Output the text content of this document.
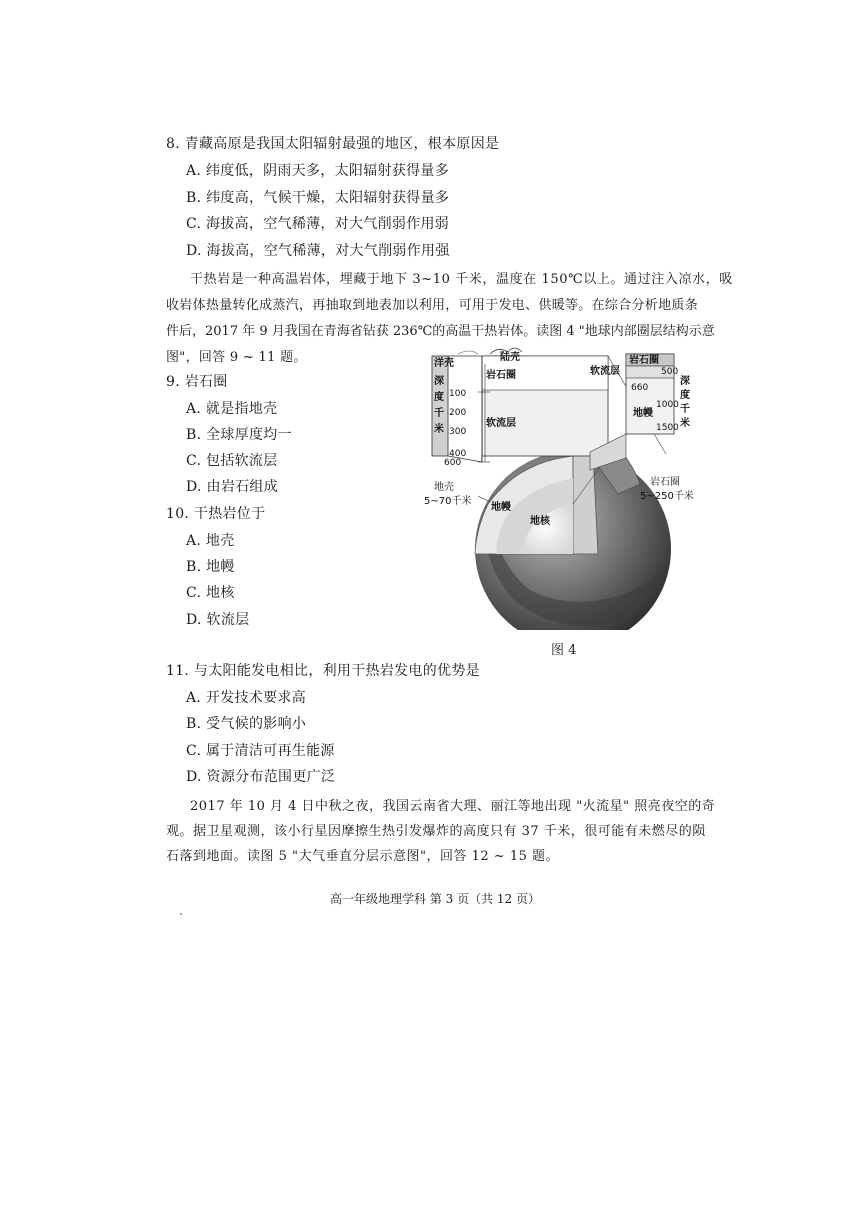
8. 青藏高原是我国太阳辐射最强的地区，根本原因是
A. 纬度低，阴雨天多，太阳辐射获得量多
B. 纬度高，气候干燥，太阳辐射获得量多
C. 海拔高，空气稀薄，对大气削弱作用弱
D. 海拔高，空气稀薄，对大气削弱作用强
干热岩是一种高温岩体，埋藏于地下 3~10 千米，温度在 150℃以上。通过注入凉水，吸
收岩体热量转化成蒸汽，再抽取到地表加以利用，可用于发电、供暖等。在综合分析地质条
件后，2017 年 9 月我国在青海省钻获 236℃的高温干热岩体。读图 4 "地球内部圈层结构示意
图"，回答 9 ~ 11 题。
9. 岩石圈
A. 就是指地壳
B. 全球厚度均一
C. 包括软流层
D. 由岩石组成
10. 干热岩位于
A. 地壳
B. 地幔
C. 地核
D. 软流层
洋壳
陆壳
岩石圈
软流层
深
度
千
米
100
200
300
400
600
岩石圈
软流层
地幔
500
660
1000
1500
深
度
千
米
地壳
5~70千米
岩石圈
5~250千米
地幔
地核
图 4
11. 与太阳能发电相比，利用干热岩发电的优势是
A. 开发技术要求高
B. 受气候的影响小
C. 属于清洁可再生能源
D. 资源分布范围更广泛
2017 年 10 月 4 日中秋之夜，我国云南省大理、丽江等地出现 "火流星" 照亮夜空的奇
观。据卫星观测，该小行星因摩擦生热引发爆炸的高度只有 37 千米，很可能有未燃尽的陨
石落到地面。读图 5 "大气垂直分层示意图"，回答 12 ~ 15 题。
高一年级地理学科 第 3 页（共 12 页）
